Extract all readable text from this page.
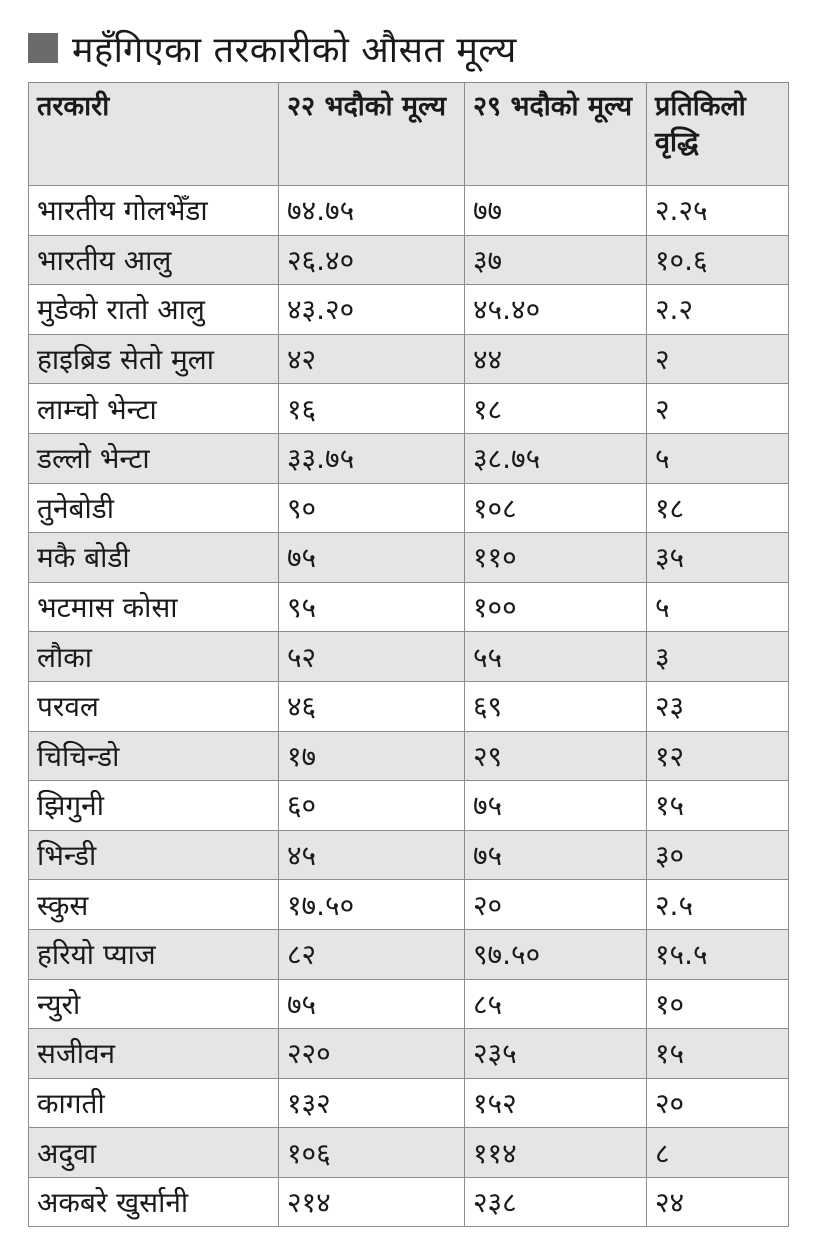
महँगिएका तरकारीको औसत मूल्य
तरकारी	२२ भदौको मूल्य	२९ भदौको मूल्य	प्रतिकिलो वृद्धि
भारतीय गोलभेँडा	७४.७५	७७	२.२५
भारतीय आलु	२६.४०	३७	१०.६
मुडेको रातो आलु	४३.२०	४५.४०	२.२
हाइब्रिड सेतो मुला	४२	४४	२
लाम्चो भेन्टा	१६	१८	२
डल्लो भेन्टा	३३.७५	३८.७५	५
तुनेबोडी	९०	१०८	१८
मकै बोडी	७५	११०	३५
भटमास कोसा	९५	१००	५
लौका	५२	५५	३
परवल	४६	६९	२३
चिचिन्डो	१७	२९	१२
झिगुनी	६०	७५	१५
भिन्डी	४५	७५	३०
स्कुस	१७.५०	२०	२.५
हरियो प्याज	८२	९७.५०	१५.५
न्युरो	७५	८५	१०
सजीवन	२२०	२३५	१५
कागती	१३२	१५२	२०
अदुवा	१०६	११४	८
अकबरे खुर्सानी	२१४	२३८	२४
